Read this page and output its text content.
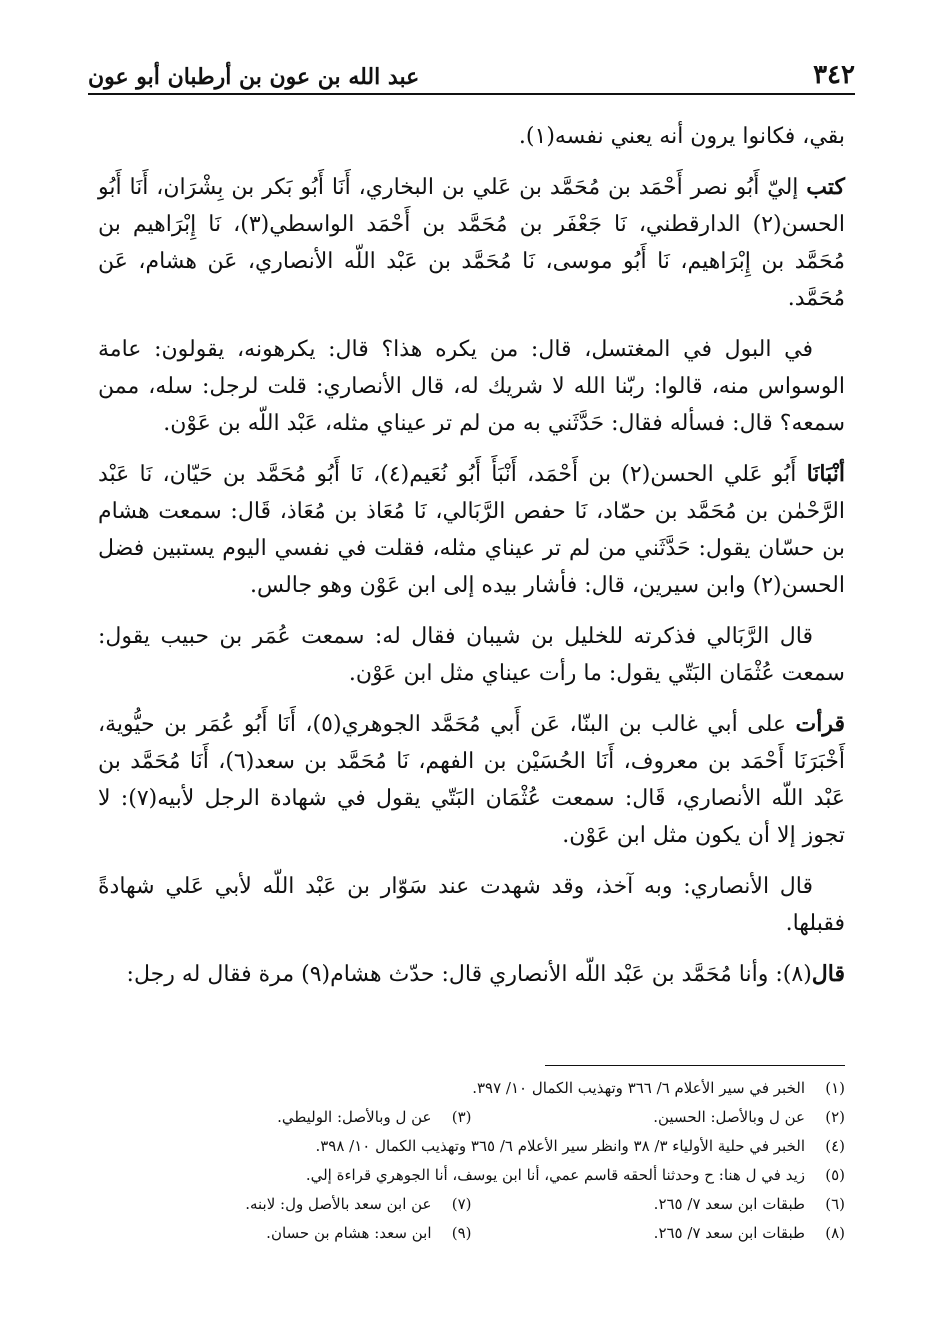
٣٤٢
عبد الله بن عون بن أرطبان أبو عون

بقي، فكانوا يرون أنه يعني نفسه(١).

كتب إليّ أَبُو نصر أَحْمَد بن مُحَمَّد بن عَلي بن البخاري، أَنَا أَبُو بَكر بن بِشْرَان، أَنَا أَبُو الحسن(٢) الدارقطني، نَا جَعْفَر بن مُحَمَّد بن أَحْمَد الواسطي(٣)، نَا إِبْرَاهيم بن مُحَمَّد بن إِبْرَاهيم، نَا أَبُو موسى، نَا مُحَمَّد بن عَبْد اللّه الأنصاري، عَن هشام، عَن مُحَمَّد.

في البول في المغتسل، قال: من يكره هذا؟ قال: يكرهونه، يقولون: عامة الوسواس منه، قالوا: ربّنا الله لا شريك له، قال الأنصاري: قلت لرجل: سله، ممن سمعه؟ قال: فسأله فقال: حَدَّثَني به من لم تر عيناي مثله، عَبْد اللّه بن عَوْن.

أنْبَانَا أَبُو عَلي الحسن(٢) بن أَحْمَد، أَنْبَأَ أَبُو نُعَيم(٤)، نَا أَبُو مُحَمَّد بن حَيّان، نَا عَبْد الرَّحْمٰن بن مُحَمَّد بن حمّاد، نَا حفص الرَّبَالي، نَا مُعَاذ بن مُعَاذ، قَال: سمعت هشام بن حسّان يقول: حَدَّثَني من لم تر عيناي مثله، فقلت في نفسي اليوم يستبين فضل الحسن(٢) وابن سيرين، قال: فأشار بيده إلى ابن عَوْن وهو جالس.

قال الرَّبَالي فذكرته للخليل بن شيبان فقال له: سمعت عُمَر بن حبيب يقول: سمعت عُثْمَان البَتّي يقول: ما رأت عيناي مثل ابن عَوْن.

قرأت على أبي غالب بن البنّا، عَن أَبي مُحَمَّد الجوهري(٥)، أَنَا أَبُو عُمَر بن حيُّوية، أَخْبَرَنَا أَحْمَد بن معروف، أَنَا الحُسَيْن بن الفهم، نَا مُحَمَّد بن سعد(٦)، أَنَا مُحَمَّد بن عَبْد اللّه الأنصاري، قَال: سمعت عُثْمَان البَتّي يقول في شهادة الرجل لأبيه(٧): لا تجوز إلا أن يكون مثل ابن عَوْن.

قال الأنصاري: وبه آخذ، وقد شهدت عند سَوّار بن عَبْد اللّه لأبي عَلي شهادةً فقبلها.

قال(٨): وأنا مُحَمَّد بن عَبْد اللّه الأنصاري قال: حدّث هشام(٩) مرة فقال له رجل:

(١)
الخبر في سير الأعلام ٦/ ٣٦٦ وتهذيب الكمال ١٠/ ٣٩٧.
(٢)
عن ل وبالأصل: الحسين.
(٣)
عن ل وبالأصل: الوليطي.
(٤)
الخبر في حلية الأولياء ٣/ ٣٨ وانظر سير الأعلام ٦/ ٣٦٥ وتهذيب الكمال ١٠/ ٣٩٨.
(٥)
زيد في ل هنا: ح وحدثنا ألحقه قاسم عمي، أنا ابن يوسف، أنا الجوهري قراءة إلي.
(٦)
طبقات ابن سعد ٧/ ٢٦٥.
(٧)
عن ابن سعد بالأصل ول: لابنه.
(٨)
طبقات ابن سعد ٧/ ٢٦٥.
(٩)
ابن سعد: هشام بن حسان.
